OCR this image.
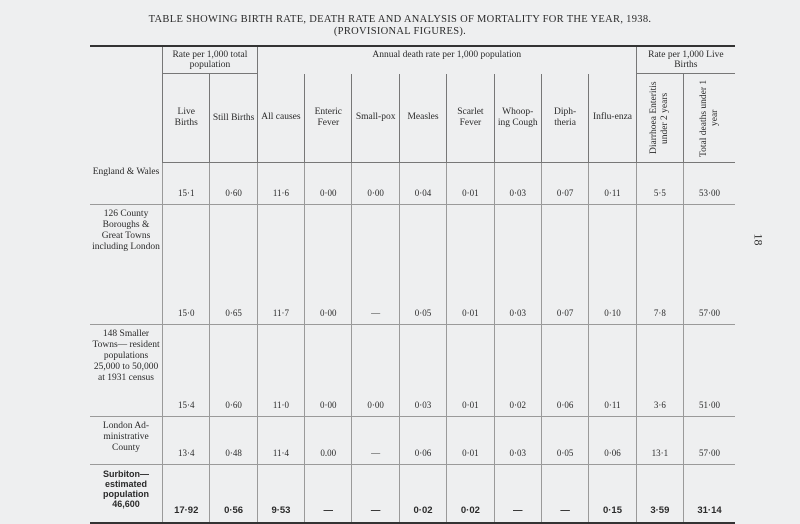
TABLE SHOWING BIRTH RATE, DEATH RATE AND ANALYSIS OF MORTALITY FOR THE YEAR, 1938.
(PROVISIONAL FIGURES).
18
	Rate per 1,000 total population		Annual death rate per 1,000 population								Rate per 1,000 Live Births	
	Live Births	Still Births	All causes	Enteric Fever	Small-pox	Measles	Scarlet Fever	Whoop-ing Cough	Diph-theria	Influ-enza	Diarrhoea Enteritis under 2 years	Total deaths under 1 year

England & Wales	15·1	0·60	11·6	0·00	0·00	0·04	0·01	0·03	0·07	0·11	5·5	53·00
126 County Boroughs & Great Towns including London	15·0	0·65	11·7	0·00	—	0·05	0·01	0·03	0·07	0·10	7·8	57·00
148 Smaller Towns— resident populations 25,000 to 50,000 at 1931 census	15·4	0·60	11·0	0·00	0·00	0·03	0·01	0·02	0·06	0·11	3·6	51·00
London Ad-ministrative County	13·4	0·48	11·4	0.00	—	0·06	0·01	0·03	0·05	0·06	13·1	57·00
Surbiton— estimated population 46,600	17·92	0·56	9·53	—	—	0·02	0·02	—	—	0·15	3·59	31·14
